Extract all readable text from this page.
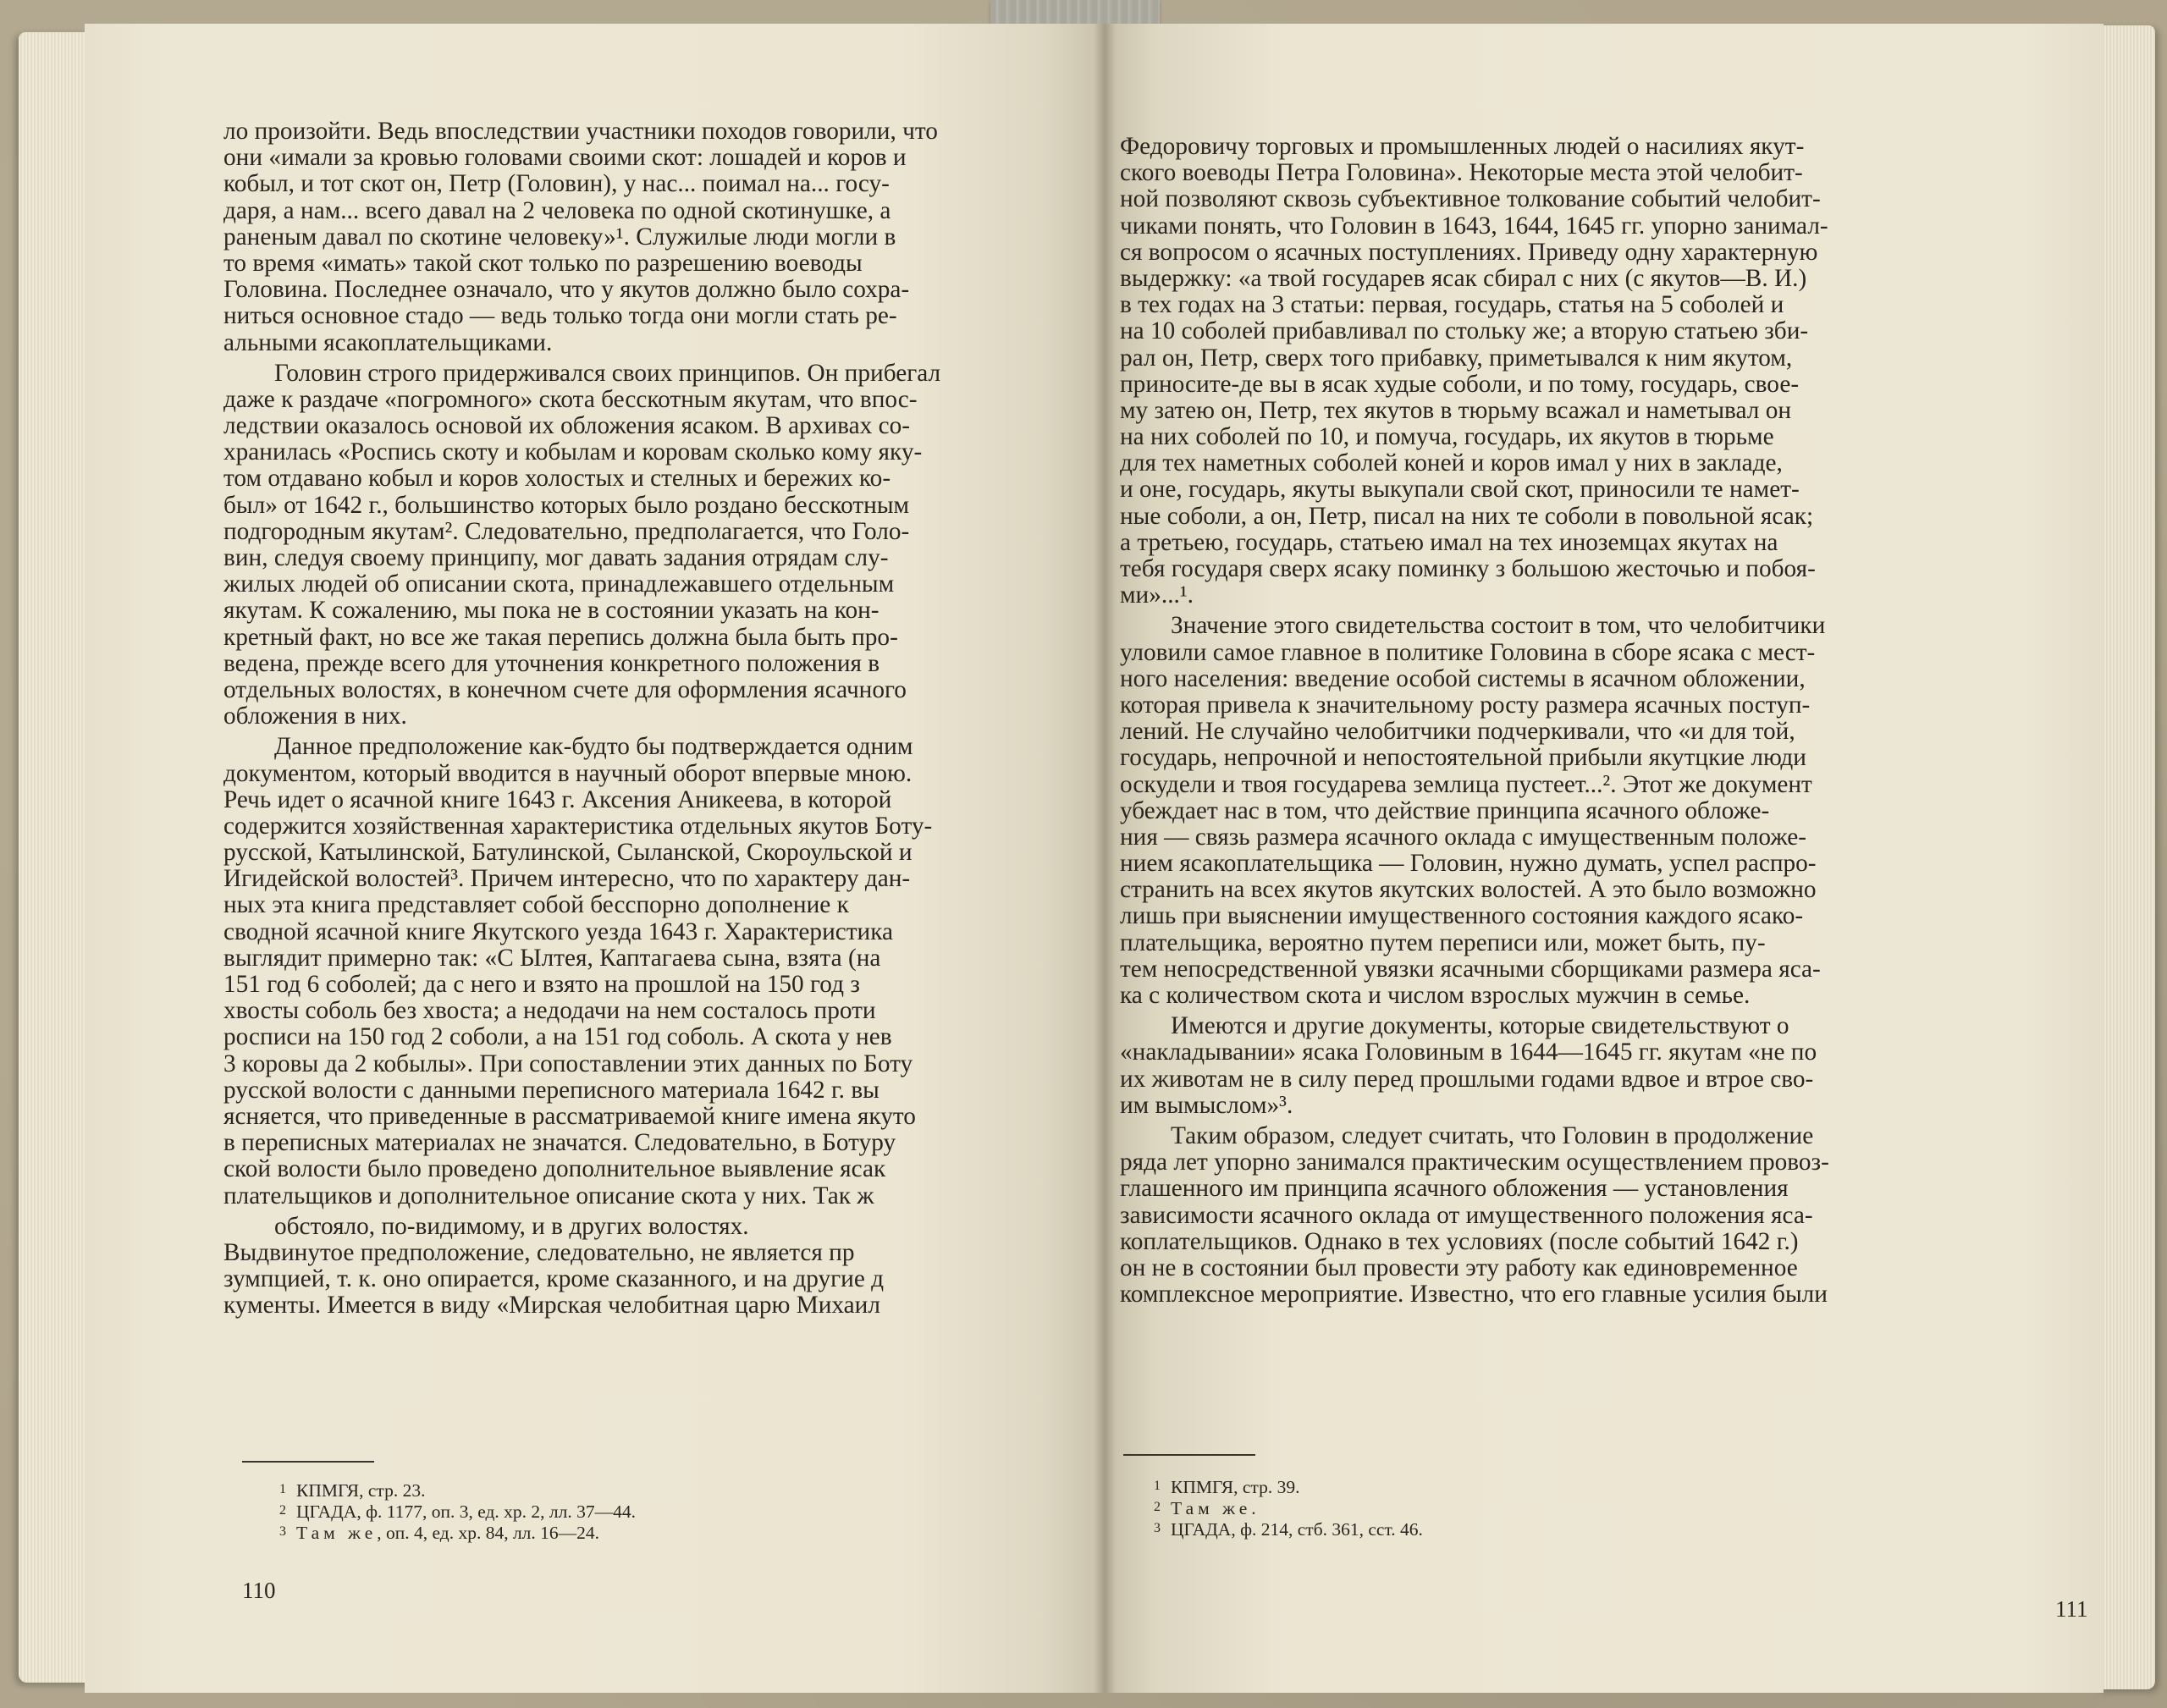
ло произойти. Ведь впоследствии участники походов говорили, что
они «имали за кровью головами своими скот: лошадей и коров и
кобыл, и тот скот он, Петр (Головин), у нас... поимал на... госу-
даря, а нам... всего давал на 2 человека по одной скотинушке, а
раненым давал по скотине человеку»¹. Служилые люди могли в
то время «имать» такой скот только по разрешению воеводы
Головина. Последнее означало, что у якутов должно было сохра-
ниться основное стадо — ведь только тогда они могли стать ре-
альными ясакоплательщиками.
Головин строго придерживался своих принципов. Он прибегал
даже к раздаче «погромного» скота бесскотным якутам, что впос-
ледствии оказалось основой их обложения ясаком. В архивах со-
хранилась «Роспись скоту и кобылам и коровам сколько кому яку-
том отдавано кобыл и коров холостых и стелных и бережих ко-
был» от 1642 г., большинство которых было роздано бесскотным
подгородным якутам². Следовательно, предполагается, что Голо-
вин, следуя своему принципу, мог давать задания отрядам слу-
жилых людей об описании скота, принадлежавшего отдельным
якутам. К сожалению, мы пока не в состоянии указать на кон-
кретный факт, но все же такая перепись должна была быть про-
ведена, прежде всего для уточнения конкретного положения в
отдельных волостях, в конечном счете для оформления ясачного
обложения в них.
Данное предположение как-будто бы подтверждается одним
документом, который вводится в научный оборот впервые мною.
Речь идет о ясачной книге 1643 г. Аксения Аникеева, в которой
содержится хозяйственная характеристика отдельных якутов Боту-
русской, Катылинской, Батулинской, Сыланской, Скороульской и
Игидейской волостей³. Причем интересно, что по характеру дан-
ных эта книга представляет собой бесспорно дополнение к
сводной ясачной книге Якутского уезда 1643 г. Характеристика
выглядит примерно так: «С Ылтея, Каптагаева сына, взята (на
151 год 6 соболей; да с него и взято на прошлой на 150 год з
хвосты соболь без хвоста; а недодачи на нем состалось проти
росписи на 150 год 2 соболи, а на 151 год соболь. А скота у нев
3 коровы да 2 кобылы». При сопоставлении этих данных по Боту
русской волости с данными переписного материала 1642 г. вы
ясняется, что приведенные в рассматриваемой книге имена якуто
в переписных материалах не значатся. Следовательно, в Ботуру
ской волости было проведено дополнительное выявление ясак
плательщиков и дополнительное описание скота у них. Так ж
обстояло, по-видимому, и в других волостях.
Выдвинутое предположение, следовательно, не является пр
зумпцией, т. к. оно опирается, кроме сказанного, и на другие д
кументы. Имеется в виду «Мирская челобитная царю Михаил
1 КПМГЯ, стр. 23.
2 ЦГАДА, ф. 1177, оп. 3, ед. хр. 2, лл. 37—44.
3 Там же, оп. 4, ед. хр. 84, лл. 16—24.
110
Федоровичу торговых и промышленных людей о насилиях якут-
ского воеводы Петра Головина». Некоторые места этой челобит-
ной позволяют сквозь субъективное толкование событий челобит-
чиками понять, что Головин в 1643, 1644, 1645 гг. упорно занимал-
ся вопросом о ясачных поступлениях. Приведу одну характерную
выдержку: «а твой государев ясак сбирал с них (с якутов—В. И.)
в тех годах на 3 статьи: первая, государь, статья на 5 соболей и
на 10 соболей прибавливал по стольку же; а вторую статьею зби-
рал он, Петр, сверх того прибавку, приметывался к ним якутом,
приносите-де вы в ясак худые соболи, и по тому, государь, свое-
му затею он, Петр, тех якутов в тюрьму всажал и наметывал он
на них соболей по 10, и помуча, государь, их якутов в тюрьме
для тех наметных соболей коней и коров имал у них в закладе,
и оне, государь, якуты выкупали свой скот, приносили те намет-
ные соболи, а он, Петр, писал на них те соболи в повольной ясак;
а третьею, государь, статьею имал на тех иноземцах якутах на
тебя государя сверх ясаку поминку з большою жесточью и побоя-
ми»...¹.
Значение этого свидетельства состоит в том, что челобитчики
уловили самое главное в политике Головина в сборе ясака с мест-
ного населения: введение особой системы в ясачном обложении,
которая привела к значительному росту размера ясачных поступ-
лений. Не случайно челобитчики подчеркивали, что «и для той,
государь, непрочной и непостоятельной прибыли якутцкие люди
оскудели и твоя государева землица пустеет...². Этот же документ
убеждает нас в том, что действие принципа ясачного обложе-
ния — связь размера ясачного оклада с имущественным положе-
нием ясакоплательщика — Головин, нужно думать, успел распро-
странить на всех якутов якутских волостей. А это было возможно
лишь при выяснении имущественного состояния каждого ясако-
плательщика, вероятно путем переписи или, может быть, пу-
тем непосредственной увязки ясачными сборщиками размера яса-
ка с количеством скота и числом взрослых мужчин в семье.
Имеются и другие документы, которые свидетельствуют о
«накладывании» ясака Головиным в 1644—1645 гг. якутам «не по
их животам не в силу перед прошлыми годами вдвое и втрое сво-
им вымыслом»³.
Таким образом, следует считать, что Головин в продолжение
ряда лет упорно занимался практическим осуществлением провоз-
глашенного им принципа ясачного обложения — установления
зависимости ясачного оклада от имущественного положения яса-
коплательщиков. Однако в тех условиях (после событий 1642 г.)
он не в состоянии был провести эту работу как единовременное
комплексное мероприятие. Известно, что его главные усилия были
1 КПМГЯ, стр. 39.
2 Там же.
3 ЦГАДА, ф. 214, стб. 361, сст. 46.
111
